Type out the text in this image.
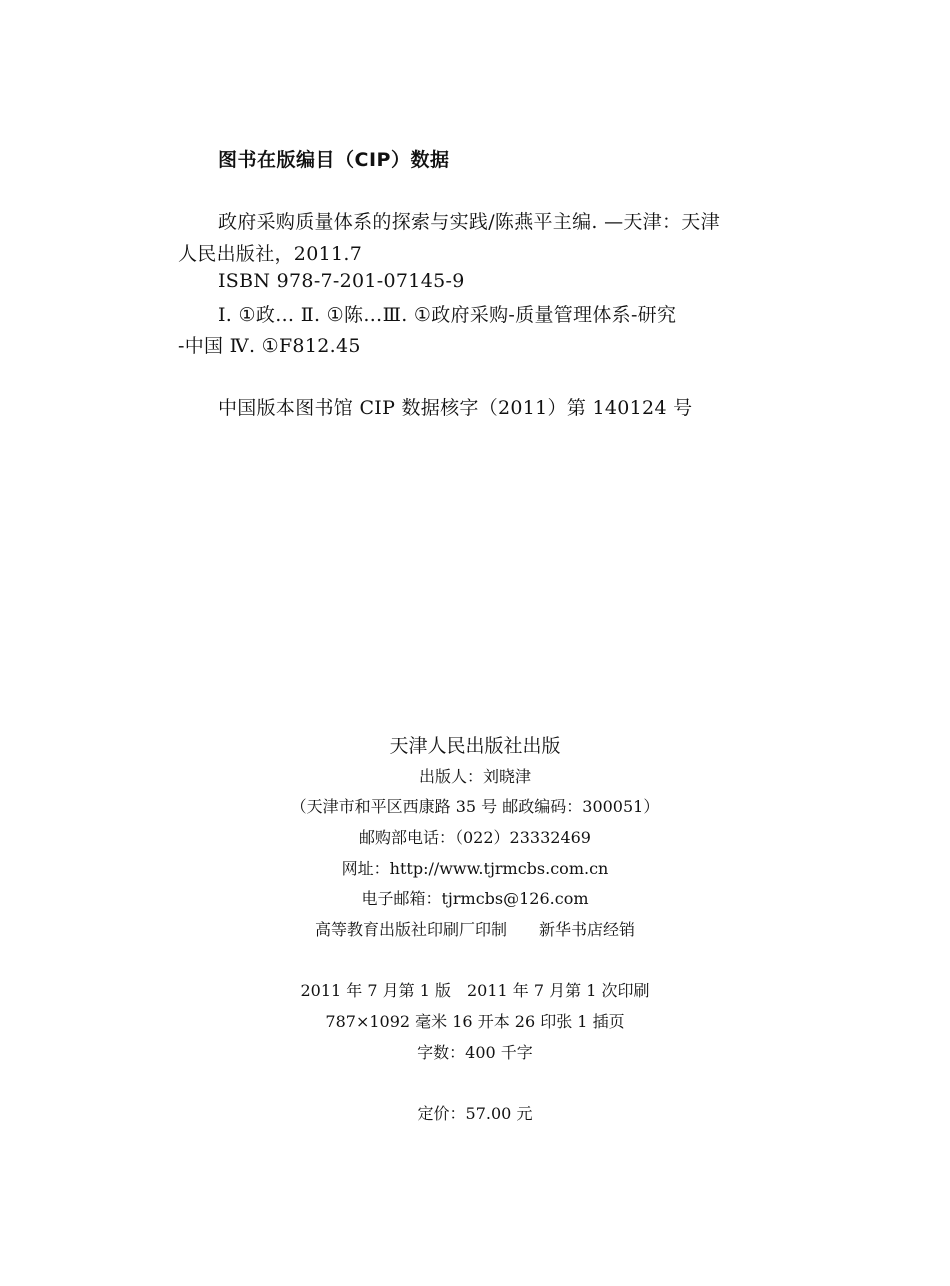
图书在版编目（CIP）数据
政府采购质量体系的探索与实践/陈燕平主编. —天津：天津
人民出版社，2011.7
ISBN 978-7-201-07145-9
Ⅰ. ①政… Ⅱ. ①陈…Ⅲ. ①政府采购-质量管理体系-研究
-中国 Ⅳ. ①F812.45
中国版本图书馆 CIP 数据核字（2011）第 140124 号
天津人民出版社出版
出版人：刘晓津
（天津市和平区西康路 35 号 邮政编码：300051）
邮购部电话：（022）23332469
网址：http://www.tjrmcbs.com.cn
电子邮箱：tjrmcbs@126.com
高等教育出版社印刷厂印制　　新华书店经销
2011 年 7 月第 1 版　2011 年 7 月第 1 次印刷
787×1092 毫米 16 开本 26 印张 1 插页
字数：400 千字
定价：57.00 元
